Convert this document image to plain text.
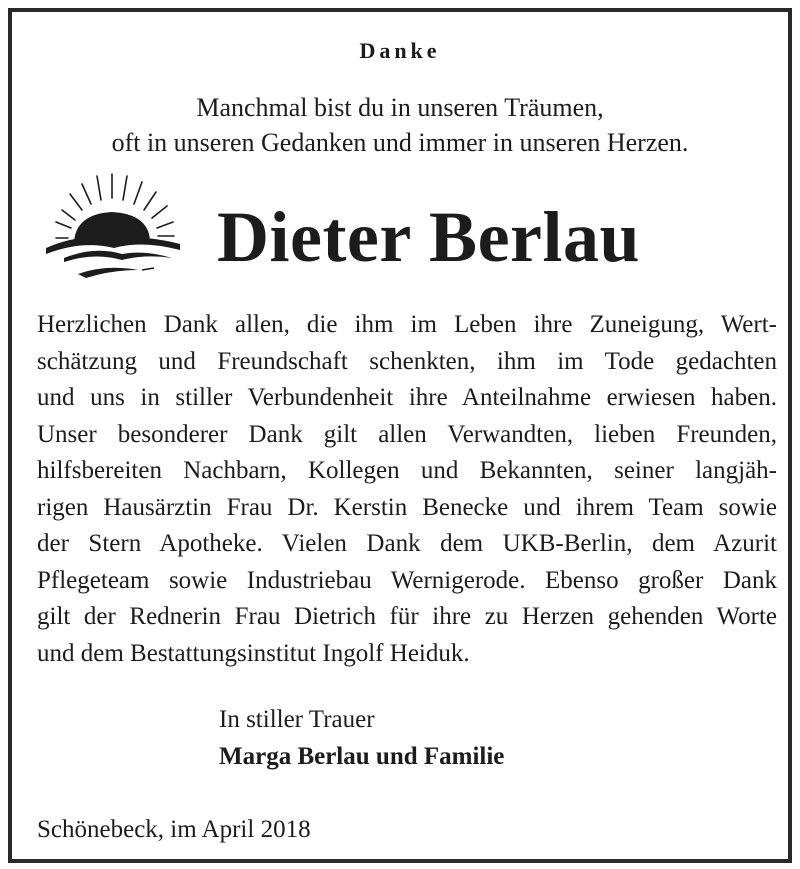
Danke
Manchmal bist du in unseren Träumen,
oft in unseren Gedanken und immer in unseren Herzen.
Dieter Berlau
Herzlichen Dank allen, die ihm im Leben ihre Zuneigung, Wert-
schätzung und Freundschaft schenkten, ihm im Tode gedachten
und uns in stiller Verbundenheit ihre Anteilnahme erwiesen haben.
Unser besonderer Dank gilt allen Verwandten, lieben Freunden,
hilfsbereiten Nachbarn, Kollegen und Bekannten, seiner langjäh-
rigen Hausärztin Frau Dr. Kerstin Benecke und ihrem Team sowie
der Stern Apotheke. Vielen Dank dem UKB-Berlin, dem Azurit
Pflegeteam sowie Industriebau Wernigerode. Ebenso großer Dank
gilt der Rednerin Frau Dietrich für ihre zu Herzen gehenden Worte
und dem Bestattungsinstitut Ingolf Heiduk.
In stiller Trauer
Marga Berlau und Familie
Schönebeck, im April 2018
